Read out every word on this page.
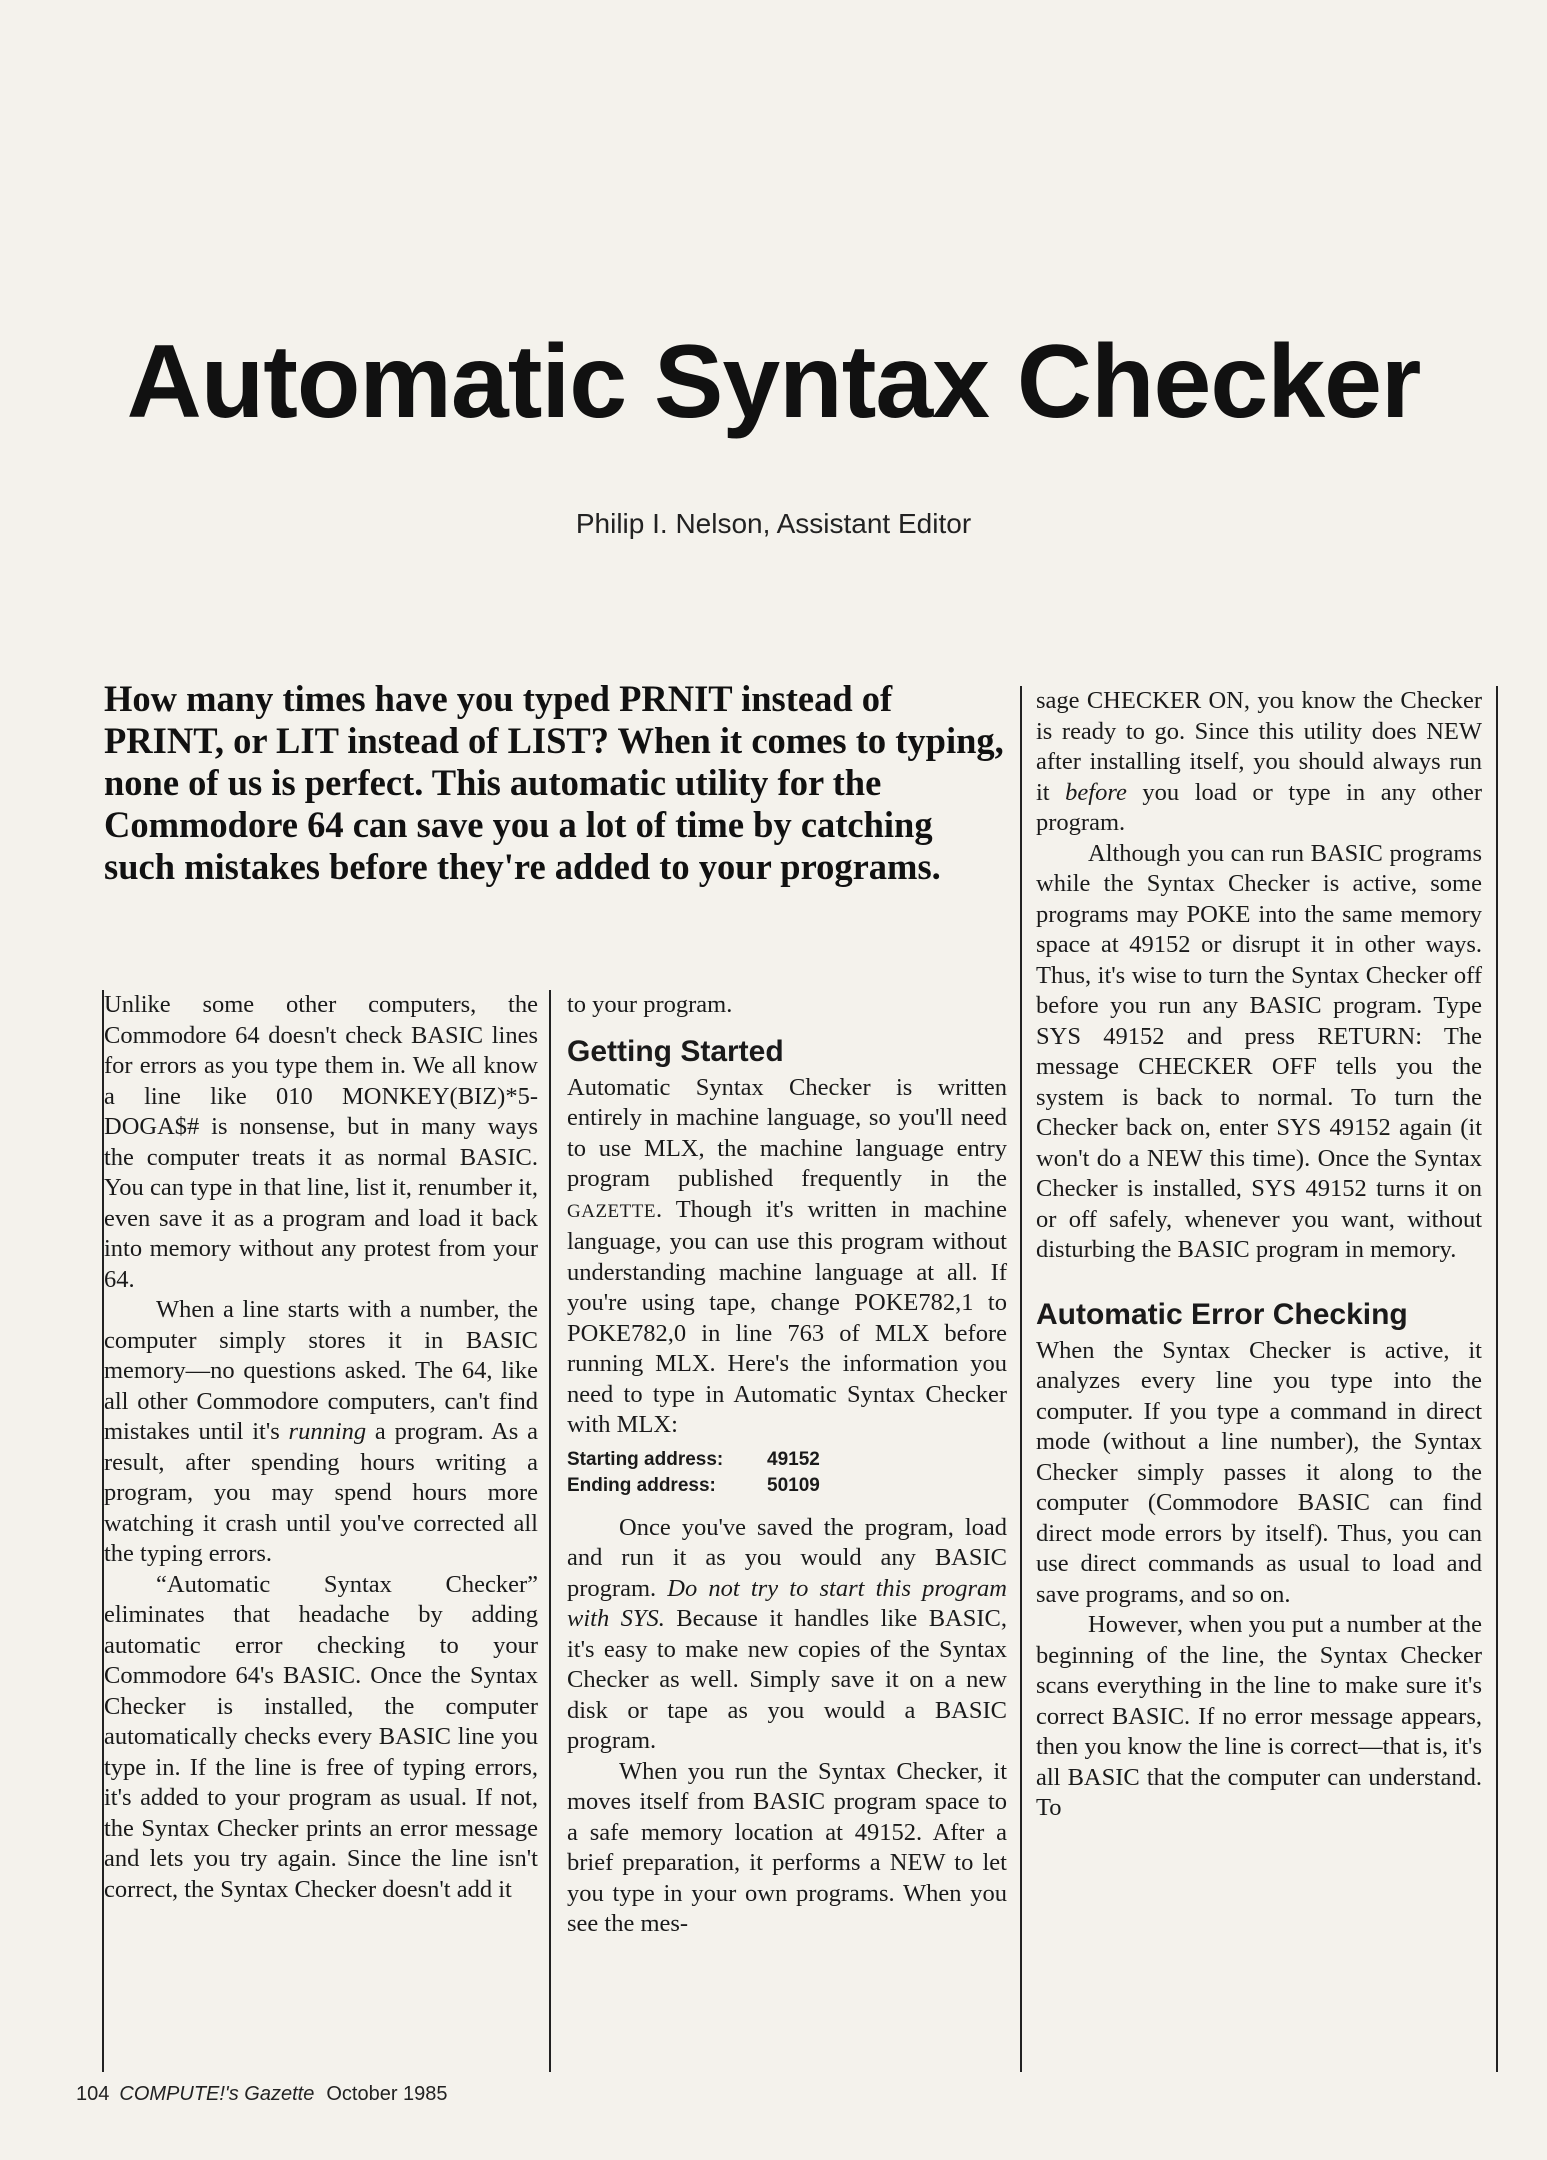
Automatic Syntax Checker
Philip I. Nelson, Assistant Editor

How many times have you typed PRNIT instead of PRINT, or LIT instead of LIST? When it comes to typing, none of us is perfect. This automatic utility for the Commodore 64 can save you a lot of time by catching such mistakes before they're added to your programs.

Unlike some other computers, the Commodore 64 doesn't check BASIC lines for errors as you type them in. We all know a line like 010 MONKEY(BIZ)*5-DOGA$# is nonsense, but in many ways the computer treats it as normal BASIC. You can type in that line, list it, renumber it, even save it as a program and load it back into memory without any protest from your 64.

When a line starts with a number, the computer simply stores it in BASIC memory—no questions asked. The 64, like all other Commodore computers, can't find mistakes until it's running a program. As a result, after spending hours writing a program, you may spend hours more watching it crash until you've corrected all the typing errors.

“Automatic Syntax Checker” eliminates that headache by adding automatic error checking to your Commodore 64's BASIC. Once the Syntax Checker is installed, the computer automatically checks every BASIC line you type in. If the line is free of typing errors, it's added to your program as usual. If not, the Syntax Checker prints an error message and lets you try again. Since the line isn't correct, the Syntax Checker doesn't add it

to your program.

Getting Started

Automatic Syntax Checker is written entirely in machine language, so you'll need to use MLX, the machine language entry program published frequently in the GAZETTE. Though it's written in machine language, you can use this program without understanding machine language at all. If you're using tape, change POKE782,1 to POKE782,0 in line 763 of MLX before running MLX. Here's the information you need to type in Automatic Syntax Checker with MLX:

Starting address: 49152
Ending address:	50109

Once you've saved the program, load and run it as you would any BASIC program. Do not try to start this program with SYS. Because it handles like BASIC, it's easy to make new copies of the Syntax Checker as well. Simply save it on a new disk or tape as you would a BASIC program.

When you run the Syntax Checker, it moves itself from BASIC program space to a safe memory location at 49152. After a brief preparation, it performs a NEW to let you type in your own programs. When you see the mes-

sage CHECKER ON, you know the Checker is ready to go. Since this utility does NEW after installing itself, you should always run it before you load or type in any other program.

Although you can run BASIC programs while the Syntax Checker is active, some programs may POKE into the same memory space at 49152 or disrupt it in other ways. Thus, it's wise to turn the Syntax Checker off before you run any BASIC program. Type SYS 49152 and press RETURN: The message CHECKER OFF tells you the system is back to normal. To turn the Checker back on, enter SYS 49152 again (it won't do a NEW this time). Once the Syntax Checker is installed, SYS 49152 turns it on or off safely, whenever you want, without disturbing the BASIC program in memory.

Automatic Error Checking

When the Syntax Checker is active, it analyzes every line you type into the computer. If you type a command in direct mode (without a line number), the Syntax Checker simply passes it along to the computer (Commodore BASIC can find direct mode errors by itself). Thus, you can use direct commands as usual to load and save programs, and so on.

However, when you put a number at the beginning of the line, the Syntax Checker scans everything in the line to make sure it's correct BASIC. If no error message appears, then you know the line is correct—that is, it's all BASIC that the computer can understand. To

104 COMPUTE!'s Gazette October 1985
